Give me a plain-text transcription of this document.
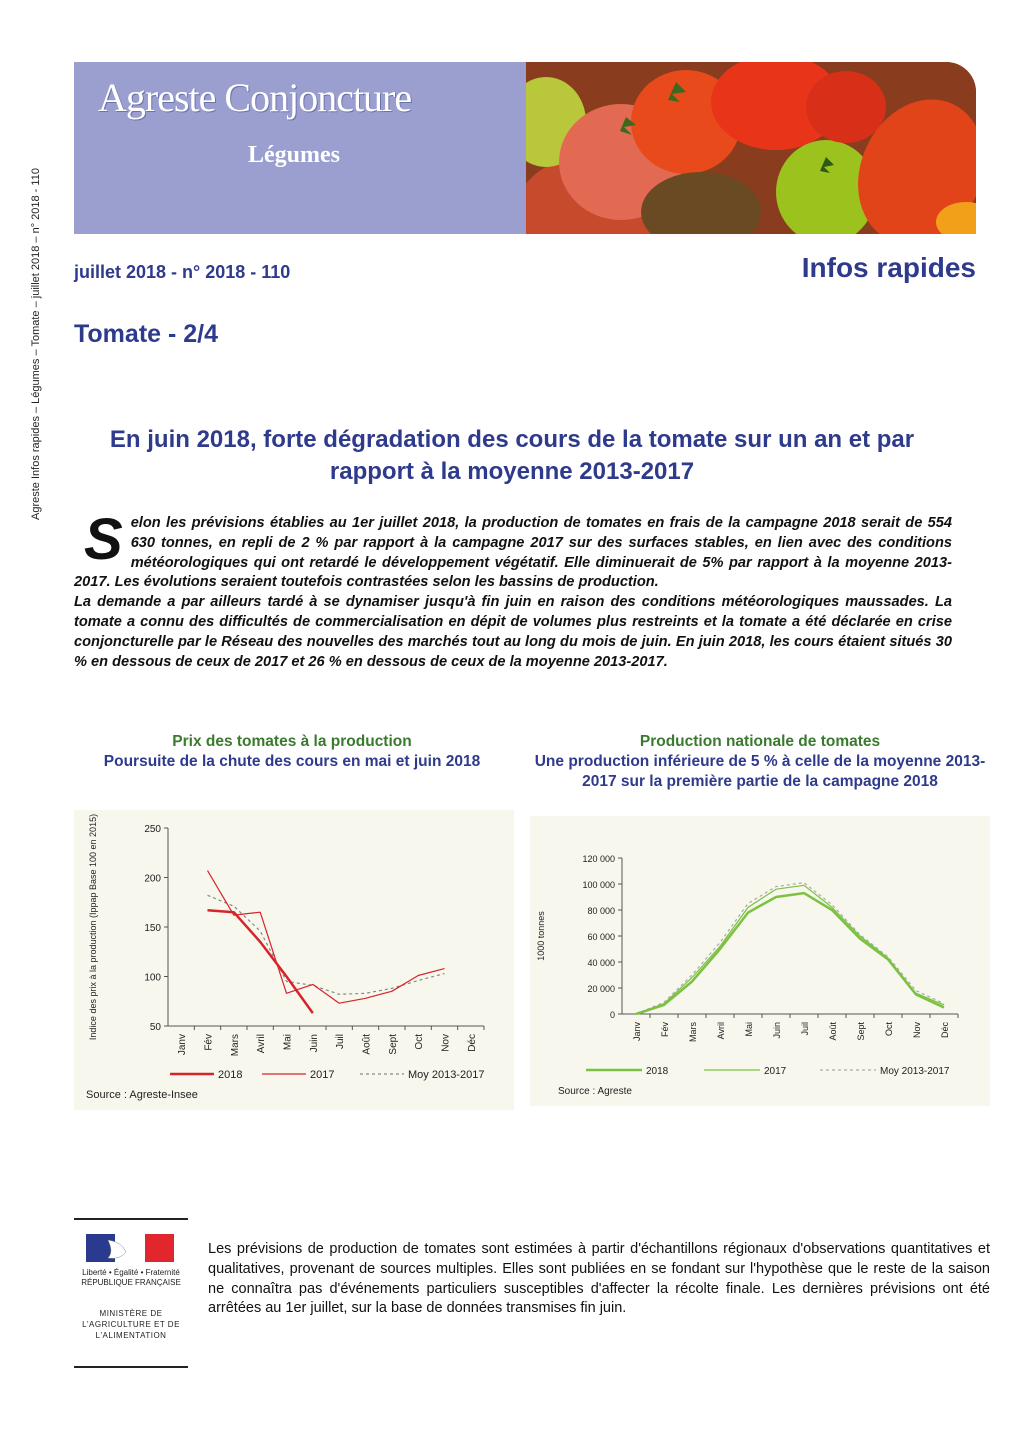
Agreste Infos rapides – Légumes – Tomate – juillet 2018 – n° 2018 - 110
Agreste Conjoncture
Légumes
juillet 2018 - n° 2018 - 110	Infos rapides
Tomate - 2/4
En juin 2018, forte dégradation des cours de la tomate sur un an et par rapport à la moyenne 2013-2017
S elon les prévisions établies au 1er juillet 2018, la production de tomates en frais de la campagne 2018 serait de 554 630 tonnes, en repli de 2 % par rapport à la campagne 2017 sur des surfaces stables, en lien avec des conditions météorologiques qui ont retardé le développement végétatif. Elle diminuerait de 5% par rapport à la moyenne 2013-2017. Les évolutions seraient toutefois contrastées selon les bassins de production.

La demande a par ailleurs tardé à se dynamiser jusqu'à fin juin en raison des conditions météorologiques maussades. La tomate a connu des difficultés de commercialisation en dépit de volumes plus restreints et la tomate a été déclarée en crise conjoncturelle par le Réseau des nouvelles des marchés tout au long du mois de juin. En juin 2018, les cours étaient situés 30 % en dessous de ceux de 2017 et 26 % en dessous de ceux de la moyenne 2013-2017.

Prix des tomates à la production
Poursuite de la chute des cours en mai et juin 2018
Production nationale de tomates
Une production inférieure de 5 % à celle de la moyenne 2013-2017 sur la première partie de la campagne 2018
50
100
150
200
250
Janv Fév Mars Avril Mai Juin Juil Août Sept Oct Nov Déc
Indice des prix à la production (Ippap Base 100 en 2015)
2018	2017	Moy 2013-2017
Source : Agreste-Insee
0
20 000
40 000
60 000
80 000
100 000
120 000
Janv Fév Mars Avril Mai Juin Juil Août Sept Oct Nov Déc
1000 tonnes
2018	2017	Moy 2013-2017
Source : Agreste
Liberté • Égalité • Fraternité RÉPUBLIQUE FRANÇAISE
MINISTÈRE DE L'AGRICULTURE ET DE L'ALIMENTATION
Les prévisions de production de tomates sont estimées à partir d'échantillons régionaux d'observations quantitatives et qualitatives, provenant de sources multiples. Elles sont publiées en se fondant sur l'hypothèse que le reste de la saison ne connaîtra pas d'événements particuliers susceptibles d'affecter la récolte finale. Les dernières prévisions ont été arrêtées au 1er juillet, sur la base de données transmises fin juin.
